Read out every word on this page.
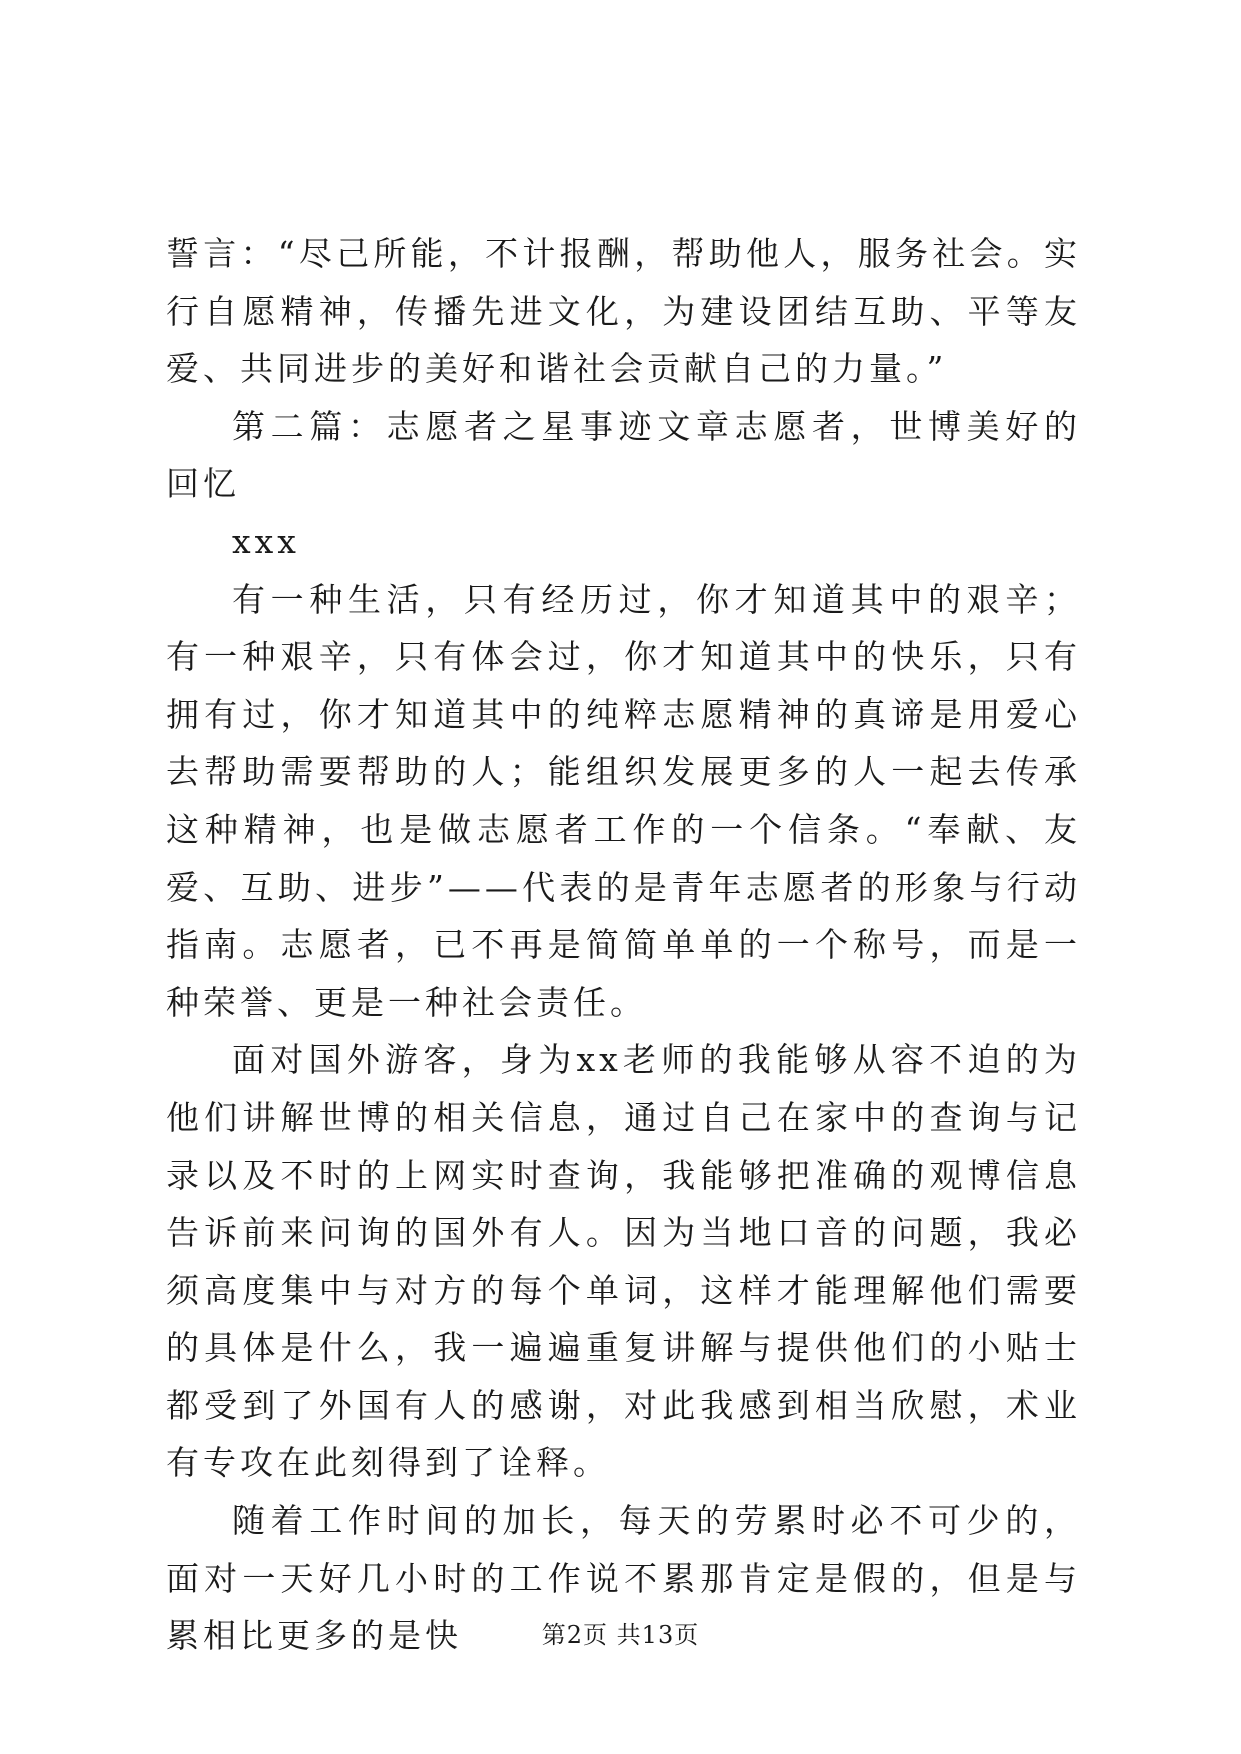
誓言：“尽己所能，不计报酬，帮助他人，服务社会。实行自愿精神，传播先进文化，为建设团结互助、平等友爱、共同进步的美好和谐社会贡献自己的力量。”

第二篇：志愿者之星事迹文章志愿者，世博美好的回忆

xxx

有一种生活，只有经历过，你才知道其中的艰辛；有一种艰辛，只有体会过，你才知道其中的快乐，只有拥有过，你才知道其中的纯粹志愿精神的真谛是用爱心去帮助需要帮助的人；能组织发展更多的人一起去传承这种精神，也是做志愿者工作的一个信条。“奉献、友爱、互助、进步”——代表的是青年志愿者的形象与行动指南。志愿者，已不再是简简单单的一个称号，而是一种荣誉、更是一种社会责任。

面对国外游客，身为xx老师的我能够从容不迫的为他们讲解世博的相关信息，通过自己在家中的查询与记录以及不时的上网实时查询，我能够把准确的观博信息告诉前来问询的国外有人。因为当地口音的问题，我必须高度集中与对方的每个单词，这样才能理解他们需要的具体是什么，我一遍遍重复讲解与提供他们的小贴士都受到了外国有人的感谢，对此我感到相当欣慰，术业有专攻在此刻得到了诠释。

随着工作时间的加长，每天的劳累时必不可少的，面对一天好几小时的工作说不累那肯定是假的，但是与累相比更多的是快	第2页 共13页
